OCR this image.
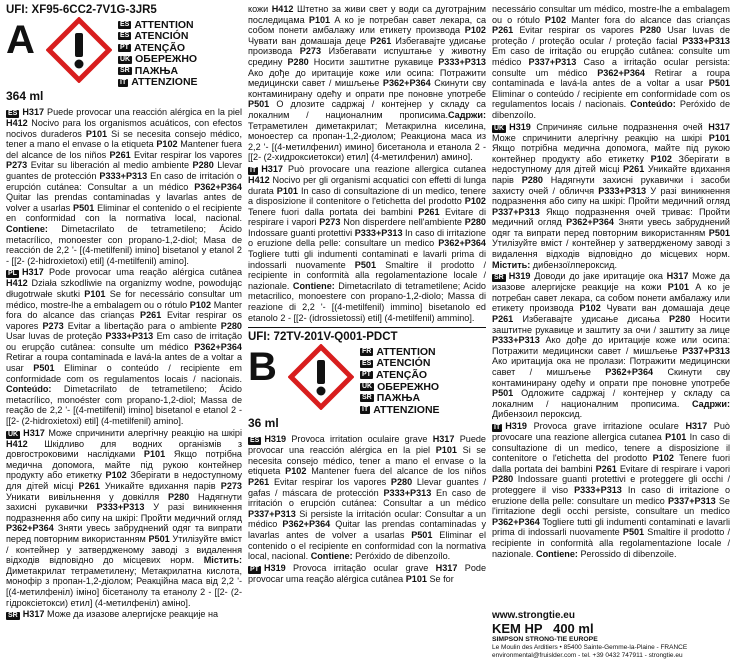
UFI: XF95-6CC2-7V1G-3JR5
A	ES ATTENTION
ES ATENCIÓN
PT ATENÇÃO
UK ОБЕРЕЖНО
SR ПАЖЊА
IT ATTENZIONE
364 ml
ES H317 Puede provocar una reacción alérgica en la piel H412 Nocivo para los organismos acuáticos, con efectos nocivos duraderos P101 Si se necesita consejo médico, tener a mano el envase o la etiqueta P102 Mantener fuera del alcance de los niños P261 Evitar respirar los vapores P273 Evitar su liberación al medio ambiente P280 Llevar guantes de protección P333+P313 En caso de irritación o erupción cutánea: Consultar a un médico P362+P364 Quitar las prendas contaminadas y lavarlas antes de volver a usarlas P501 Eliminar el contenido o el recipiente en conformidad con la normativa local, nacional. Contiene: Dimetacrilato de tetrametileno; Ácido metacrílico, monoester con propano-1,2-diol; Masa de reacción de 2,2 '- [(4-metilfenil) imino] bisetanol y etanol 2 - [[2- (2-hidroxietoxi) etil] (4-metilfenil) amino].
PL H317 Pode provocar uma reação alérgica cutânea H412 Działa szkodliwie na organizmy wodne, powodując długotrwałe skutki P101 Se for necessário consultar um médico, mostre-lhe a embalagem ou o rótulo P102 Manter fora do alcance das crianças P261 Evitar respirar os vapores P273 Evitar a libertação para o ambiente P280 Usar luvas de proteção P333+P313 Em caso de irritação ou erupção cutânea: consulte um médico P362+P364 Retirar a roupa contaminada e lavá-la antes de a voltar a usar P501 Eliminar o conteúdo / recipiente em conformidade com os regulamentos locais / nacionais. Conteúdo: Dimetacrilato de tetrametileno; Ácido metacrílico, monoéster com propano-1,2-diol; Massa de reação de 2,2 '- [(4-metilfenil) imino] bisetanol e etanol 2 - [[2- (2-hidroxietoxi) etil] (4-metilfenil) amino].
UK H317 Може спричинити алергічну реакцію на шкірі H412 Шкідливо для водних організмів з довгостроковими наслідками P101 Якщо потрібна медична допомога, майте під рукою контейнер продукту або етикетку P102 Зберігати в недоступному для дітей місці P261 Уникайте вдихання парів P273 Уникати вивільнення у довкілля P280 Надягнути захисні рукавички P333+P313 У разі виникнення подразнення або сипу на шкірі: Пройти медичний огляд P362+P364 Зняти увесь забруднений одяг та випрати перед повторним використанням P501 Утилізуйте вміст / контейнер у затвердженому заводі з видалення відходів відповідно до місцевих норм. Містить: Диметакрилат тетраметилену; Метакрилатна кислота, монофір з пропан-1,2-діолом; Реакційна маса від 2,2 '- [(4-метилфеніл) іміно] бісетанолу та етанолу 2 - [[2- (2-гідроксіетокси) етил] (4-метилфеніл) аміно].
SR H317 Може да изазове алергијске реакције на
кожи H412 Штетно за живи свет у води са дуготрајним последицама P101 А ко је потребан савет лекара, са собом понети амбалажу или етикету производа P102 Чувати ван домашаја деце P261 Избегавајте удисање производа P273 Избегавати испуштање у животну средину P280 Носити заштитне рукавице P333+P313 Ако дође до иритације коже или осипа: Потражити медицински савет / мишљење P362+P364 Скинути сву контаминирану одећу и опрати пре поновне употребе P501 О длозите садржај / контејнер у складу са локалним / националним прописима.Садржи: Тетраметилен диметакрилат; Метакрилна киселина, моноестер са пропан-1,2-диолом; Реакциона маса из 2,2 '- [(4-метилфенил) имино] бисетанола и етанола 2 - [[2- (2-хидроксиетокси) етил] (4-метилфенил) амино].
IT H317 Può provocare una reazione allergica cutanea H412 Nocivo per gli organismi acquatici con effetti di lunga durata P101 In caso di consultazione di un medico, tenere a disposizione il contenitore o l'etichetta del prodotto P102 Tenere fuori dalla portata dei bambini P261 Evitare di respirare i vapori P273 Non disperdere nell'ambiente P280 Indossare guanti protettivi P333+P313 In caso di irritazione o eruzione della pelle: consultare un medico P362+P364 Togliere tutti gli indumenti contaminati e lavarli prima di indossarli nuovamente P501 Smaltire il prodotto / recipiente in conformità alla regolamentazione locale / nazionale. Contiene: Dimetacrilato di tetrametilene; Acido metacrilico, monoestere con propano-1,2-diolo; Massa di reazione di 2,2 '- [(4-metilfenil) immino] bisetanolo ed etanolo 2 - [[2- (idrossietossi) etil] (4-metilfenil) ammino].
UFI: 72TV-201V-Q001-PDCT
B	FR ATTENTION
ES ATENCIÓN
PT ATENÇÃO
UK ОБЕРЕЖНО
SR ПАЖЊА
IT ATTENZIONE
36 ml
ES H319 Provoca irritation oculaire grave H317 Puede provocar una reacción alérgica en la piel P101 Si se necesita consejo médico, tener a mano el envase o la etiqueta P102 Mantener fuera del alcance de los niños P261 Evitar respirar los vapores P280 Llevar guantes / gafas / máscara de protección P333+P313 En caso de irritación o erupción cutánea: Consultar a un médico P337+P313 Si persiste la irritación ocular: Consultar a un médico P362+P364 Quitar las prendas contaminadas y lavarlas antes de volver a usarlas P501 Eliminar el contenido o el recipiente en conformidad con la normativa local, nacional. Contiene: Peróxido de dibenzoílo.
PT H319 Provoca irritação ocular grave H317 Pode provocar uma reação alérgica cutânea P101 Se for
necessário consultar um médico, mostre-lhe a embalagem ou o rótulo P102 Manter fora do alcance das crianças P261 Evitar respirar os vapores P280 Usar luvas de proteção / proteção ocular / proteção facial P333+P313 Em caso de irritação ou erupção cutânea: consulte um médico P337+P313 Caso a irritação ocular persista: consulte um médico P362+P364 Retirar a roupa contaminada e lavá-la antes de a voltar a usar P501 Eliminar o conteúdo / recipiente em conformidade com os regulamentos locais / nacionais. Conteúdo: Peróxido de dibenzoílo.
UK H319 Спричиняє сильне подразнення очей H317 Може спричинити алергічну реакцію на шкірі P101 Якщо потрібна медична допомога, майте під рукою контейнер продукту або етикетку P102 Зберігати в недоступному для дітей місці P261 Уникайте вдихання парів P280 Надягнути захисні рукавички і засоби захисту очей / обличчя P333+P313 У разі виникнення подразнення або сипу на шкірі: Пройти медичний огляд P337+P313 Якщо подразнення очей триває: Пройти медичний огляд P362+P364 Зняти увесь забруднений одяг та випрати перед повторним використанням P501 Утилізуйте вміст / контейнер у затвердженому заводі з видалення відходів відповідно до місцевих норм. Містить: дибензоїлпероксид.
SR H319 Доводи до јаке иритације ока H317 Може да изазове алергијске реакције на кожи P101 А ко је потребан савет лекара, са собом понети амбалажу или етикету производа P102 Чувати ван домашаја деце P261 Избегавајте удисање дисања P280 Носити заштитне рукавице и заштиту за очи / заштиту за лице P333+P313 Ако дође до иритације коже или осипа: Потражити медицински савет / мишљење P337+P313 Ако иритација ока не пролази: Потражити медицински савет / мишљење P362+P364 Скинути сву контаминирану одећу и опрати пре поновне употребе P501 Одложите садржај / контејнер у складу са локалним / националним прописима. Садржи: Дибензоил пероксид.
IT H319 Provoca grave irritazione oculare H317 Può provocare una reazione allergica cutanea P101 In caso di consultazione di un medico, tenere a disposizione il contenitore o l'etichetta del prodotto P102 Tenere fuori dalla portata dei bambini P261 Evitare di respirare i vapori P280 Indossare guanti protettivi e proteggere gli occhi / proteggere il viso P333+P313 In caso di irritazione o eruzione della pelle: consultare un medico P337+P313 Se l'irritazione degli occhi persiste, consultare un medico P362+P364 Togliere tutti gli indumenti contaminati e lavarli prima di indossarli nuovamente P501 Smaltire il prodotto / recipiente in conformità alla regolamentazione locale / nazionale. Contiene: Perossido di dibenzoile.
www.strongtie.eu
KEM HP 400 ml
SIMPSON STRONG-TIE EUROPE
Le Moulin des Arditiers • 85400 Sainte-Gemme-la-Plaine - FRANCE
environmental@fruislder.com - tel. +39 0432 747911 - strongtie.eu
